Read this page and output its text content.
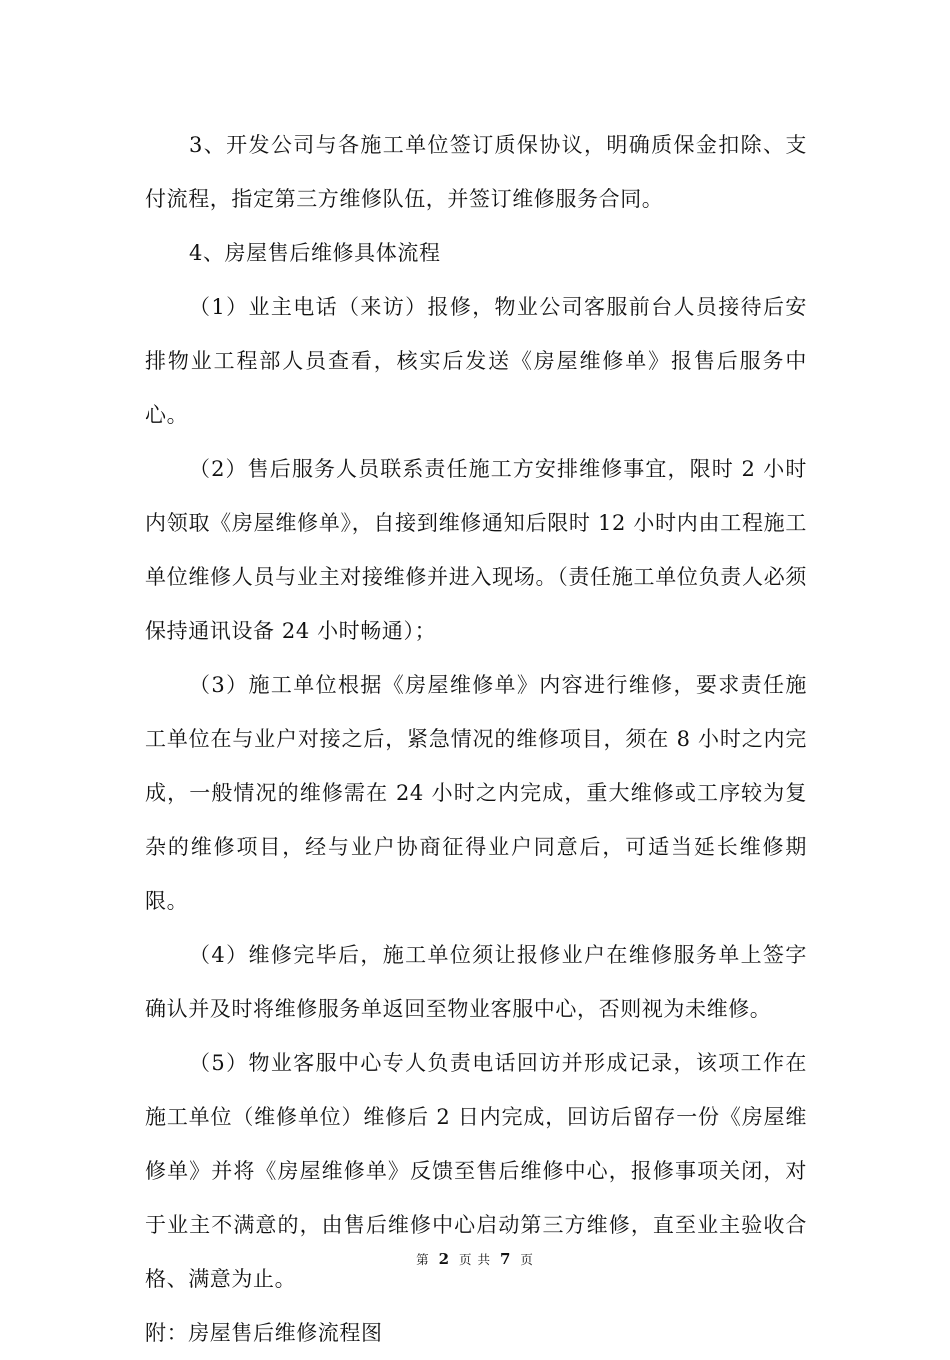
3、开发公司与各施工单位签订质保协议，明确质保金扣除、支付流程，指定第三方维修队伍，并签订维修服务合同。

4、房屋售后维修具体流程

（1）业主电话（来访）报修，物业公司客服前台人员接待后安排物业工程部人员查看，核实后发送《房屋维修单》报售后服务中心。

（2）售后服务人员联系责任施工方安排维修事宜，限时 2 小时内领取《房屋维修单》，自接到维修通知后限时 12 小时内由工程施工单位维修人员与业主对接维修并进入现场。（责任施工单位负责人必须保持通讯设备 24 小时畅通）；

（3）施工单位根据《房屋维修单》内容进行维修，要求责任施工单位在与业户对接之后，紧急情况的维修项目，须在 8 小时之内完成，一般情况的维修需在 24 小时之内完成，重大维修或工序较为复杂的维修项目，经与业户协商征得业户同意后，可适当延长维修期限。

（4）维修完毕后，施工单位须让报修业户在维修服务单上签字确认并及时将维修服务单返回至物业客服中心，否则视为未维修。

（5）物业客服中心专人负责电话回访并形成记录，该项工作在施工单位（维修单位）维修后 2 日内完成，回访后留存一份《房屋维修单》并将《房屋维修单》反馈至售后维修中心，报修事项关闭，对于业主不满意的，由售后维修中心启动第三方维修，直至业主验收合格、满意为止。

附：房屋售后维修流程图

第 2 页 共 7 页
